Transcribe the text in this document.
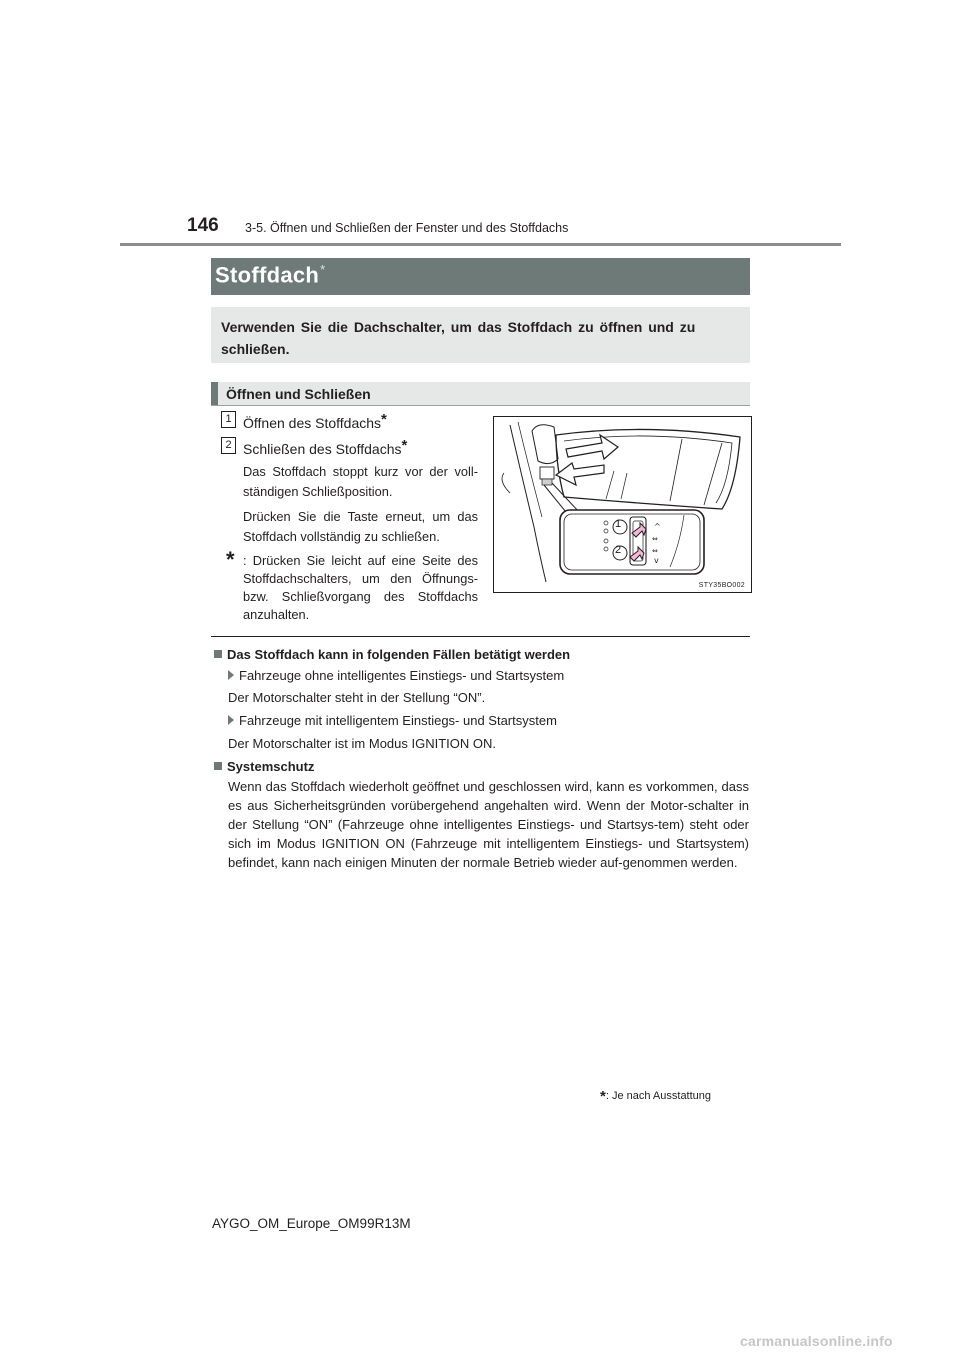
146 3-5. Öffnen und Schließen der Fenster und des Stoffdachs
Stoffdach*
Verwenden Sie die Dachschalter, um das Stoffdach zu öffnen und zu schließen.
Öffnen und Schließen
1 Öffnen des Stoffdachs*
2 Schließen des Stoffdachs*
Das Stoffdach stoppt kurz vor der voll-ständigen Schließposition.
Drücken Sie die Taste erneut, um das Stoffdach vollständig zu schließen.
* : Drücken Sie leicht auf eine Seite des Stoffdachschalters, um den Öffnungs- bzw. Schließvorgang des Stoffdachs anzuhalten.
^
⇔
⇔
v
1
2
STY35BO002
Das Stoffdach kann in folgenden Fällen betätigt werden
Fahrzeuge ohne intelligentes Einstiegs- und Startsystem
Der Motorschalter steht in der Stellung “ON”.
Fahrzeuge mit intelligentem Einstiegs- und Startsystem
Der Motorschalter ist im Modus IGNITION ON.
Systemschutz
Wenn das Stoffdach wiederholt geöffnet und geschlossen wird, kann es vorkommen, dass es aus Sicherheitsgründen vorübergehend angehalten wird. Wenn der Motor-schalter in der Stellung “ON” (Fahrzeuge ohne intelligentes Einstiegs- und Startsys-tem) steht oder sich im Modus IGNITION ON (Fahrzeuge mit intelligentem Einstiegs- und Startsystem) befindet, kann nach einigen Minuten der normale Betrieb wieder auf-genommen werden.
*: Je nach Ausstattung
AYGO_OM_Europe_OM99R13M
carmanualsonline.info
